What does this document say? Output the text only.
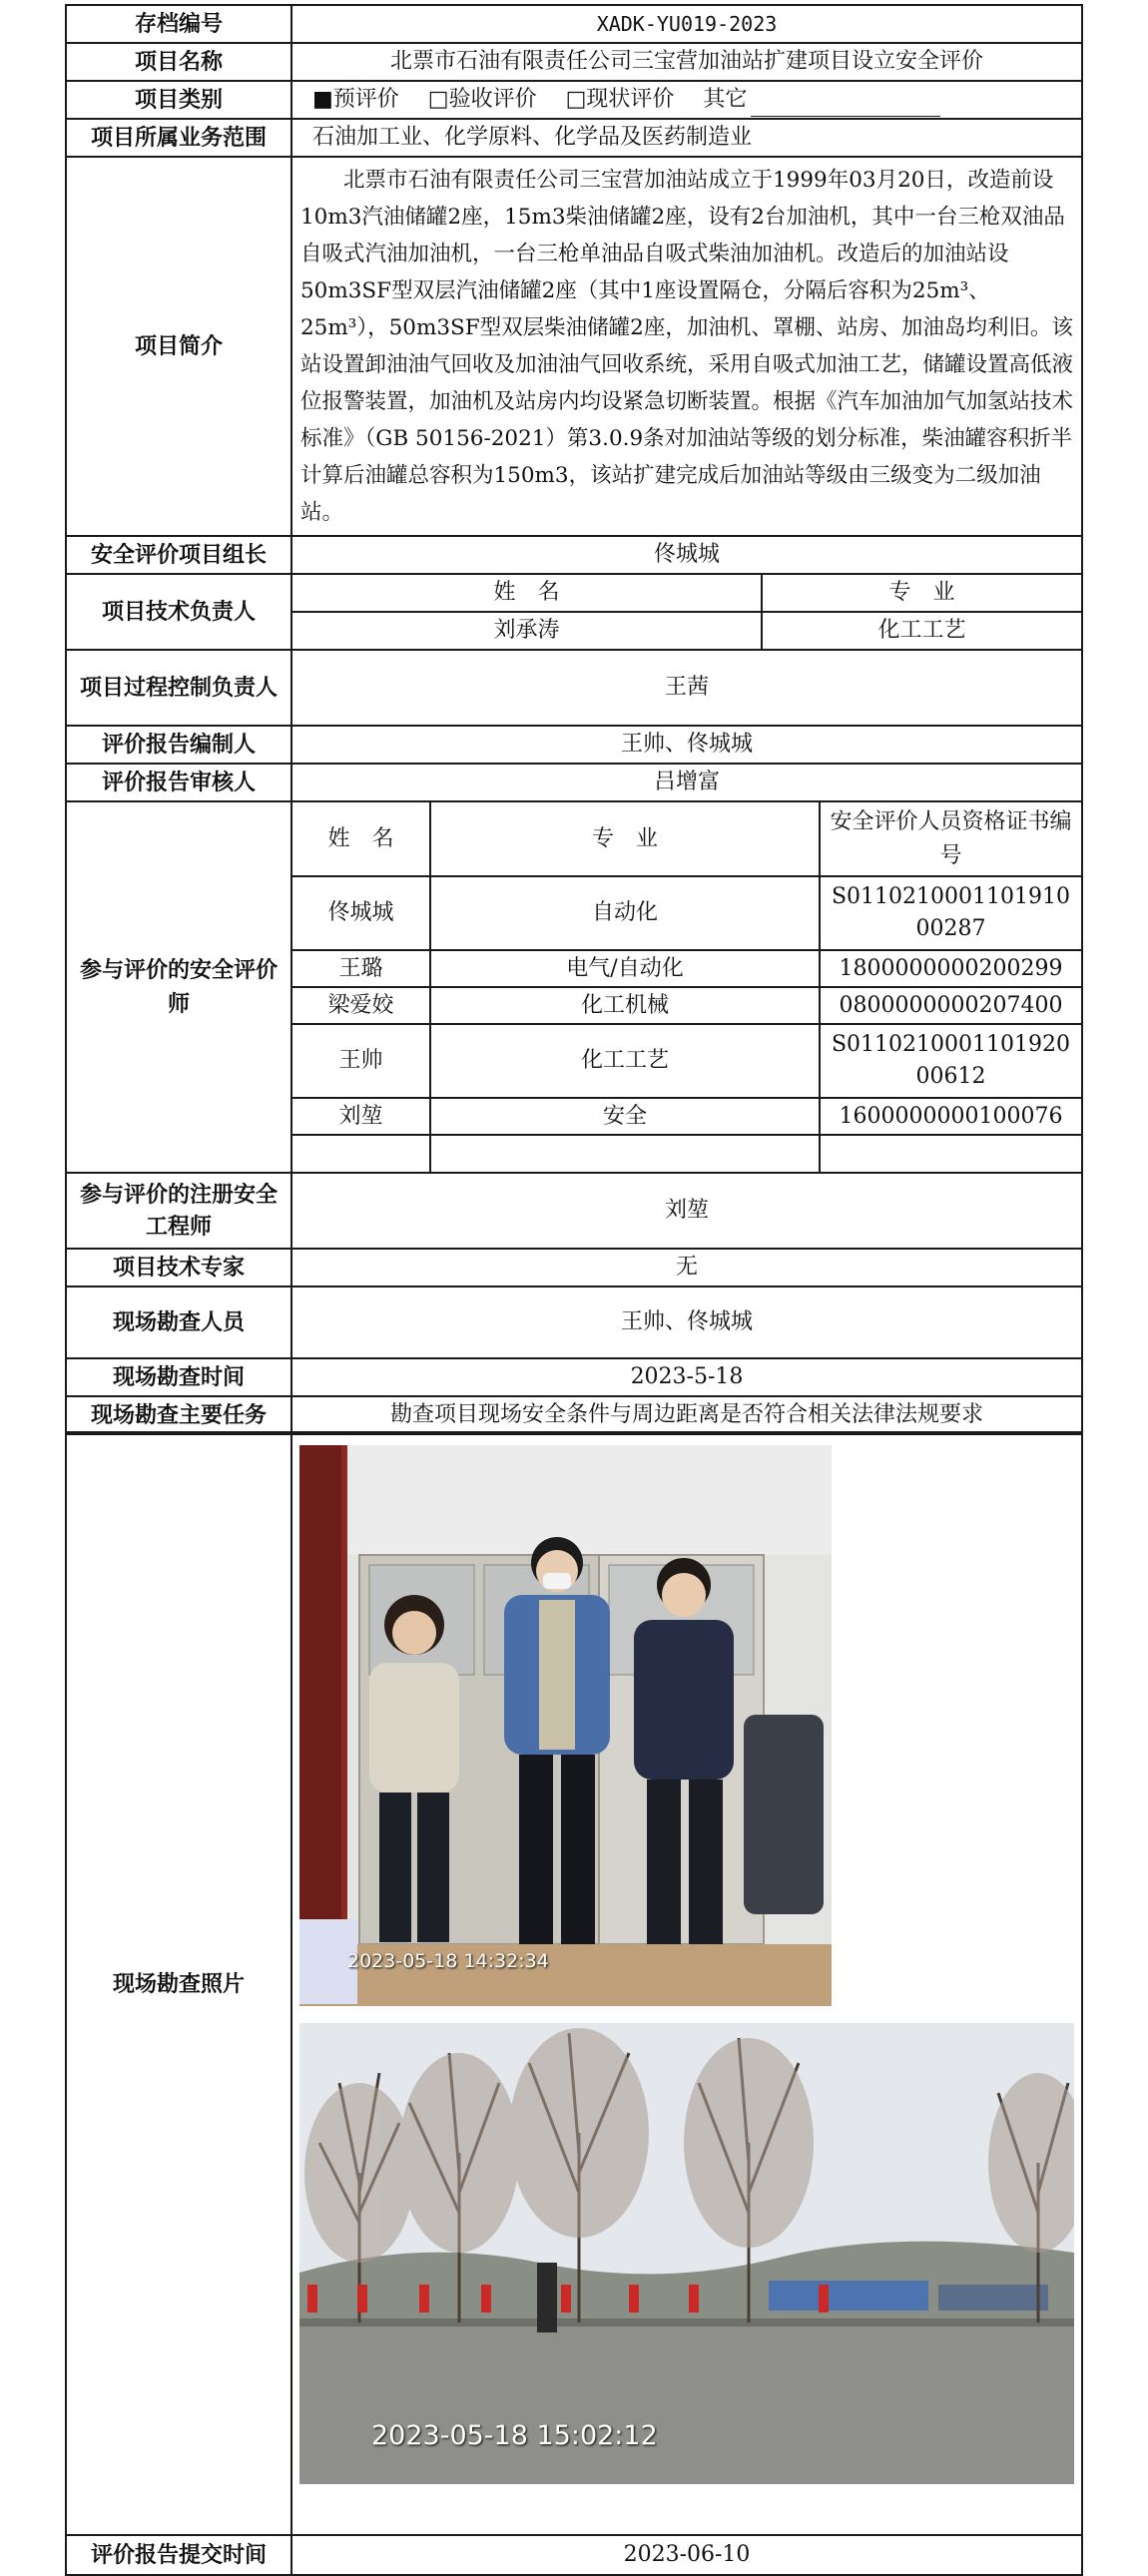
存档编号	XADK-YU019-2023
项目名称	北票市石油有限责任公司三宝营加油站扩建项目设立安全评价
项目类别	■预评价 □验收评价 □现状评价 其它
项目所属业务范围	石油加工业、化学原料、化学品及医药制造业
项目简介	北票市石油有限责任公司三宝营加油站成立于1999年03月20日，改造前设10m3汽油储罐2座，15m3柴油储罐2座，设有2台加油机，其中一台三枪双油品自吸式汽油加油机，一台三枪单油品自吸式柴油加油机。改造后的加油站设50m3SF型双层汽油储罐2座（其中1座设置隔仓，分隔后容积为25m³、25m³），50m3SF型双层柴油储罐2座，加油机、罩棚、站房、加油岛均利旧。该站设置卸油油气回收及加油油气回收系统，采用自吸式加油工艺，储罐设置高低液位报警装置，加油机及站房内均设紧急切断装置。根据《汽车加油加气加氢站技术标准》（GB 50156-2021）第3.0.9条对加油站等级的划分标准，柴油罐容积折半计算后油罐总容积为150m3，该站扩建完成后加油站等级由三级变为二级加油站。
安全评价项目组长	佟城城
项目技术负责人	
姓　名	专　业
刘承涛	化工工艺

项目过程控制负责人	王茜
评价报告编制人	王帅、佟城城
评价报告审核人	吕增富
参与评价的安全评价师	
姓　名	专　业	安全评价人员资格证书编号
佟城城	自动化	S011021000110191000287
王璐	电气/自动化	1800000000200299
梁爱姣	化工机械	0800000000207400
王帅	化工工艺	S011021000110192000612
刘堃	安全	1600000000100076

参与评价的注册安全工程师	刘堃
项目技术专家	无
现场勘查人员	王帅、佟城城
现场勘查时间	2023-5-18
现场勘查主要任务	勘查项目现场安全条件与周边距离是否符合相关法律法规要求
现场勘查照片	
评价报告提交时间	2023-06-10
2023-05-18 14:32:34
2023-05-18 15:02:12
